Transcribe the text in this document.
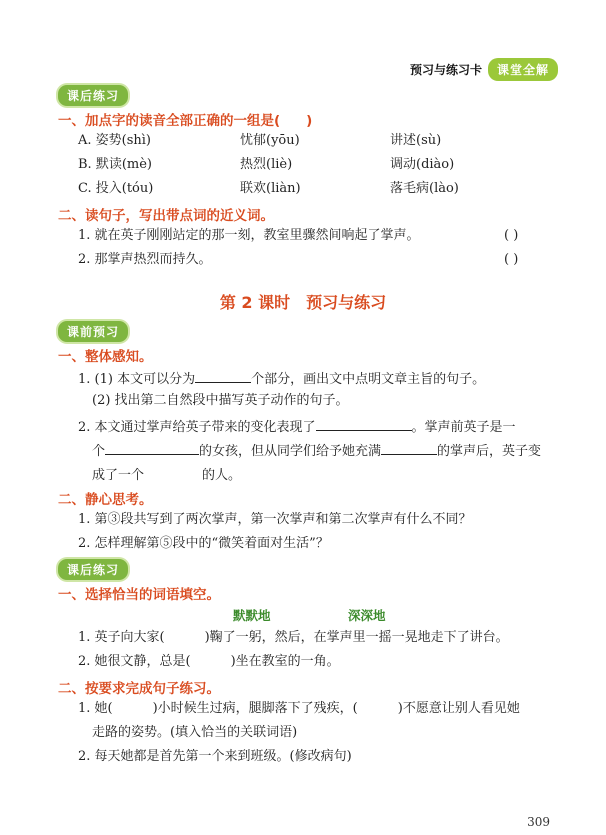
预习与练习卡	课堂全解
课后练习
一、加点字的读音全部正确的一组是( )
A. 姿势(shì)	忧郁(yōu)	讲述(sù)
B. 默读(mè)	热烈(liè)	调动(diào)
C. 投入(tóu)	联欢(liàn)	落毛病(lào)
二、读句子，写出带点词的近义词。
1. 就在英子刚刚站定的那一刻，教室里骤然间响起了掌声。	( )
2. 那掌声热烈而持久。	( )
第 2 课时　预习与练习
课前预习
一、整体感知。
1. (1) 本文可以分为	个部分，画出文中点明文章主旨的句子。
(2) 找出第二自然段中描写英子动作的句子。
2. 本文通过掌声给英子带来的变化表现了	。掌声前英子是一
个	的女孩，但从同学们给予她充满	的掌声后，英子变
成了一个	的人。
二、静心思考。
1. 第③段共写到了两次掌声，第一次掌声和第二次掌声有什么不同？
2. 怎样理解第⑤段中的“微笑着面对生活”？
课后练习
一、选择恰当的词语填空。
默默地	深深地
1. 英子向大家(	)鞠了一躬，然后，在掌声里一摇一晃地走下了讲台。
2. 她很文静，总是(	)坐在教室的一角。
二、按要求完成句子练习。
1. 她(	)小时候生过病，腿脚落下了残疾，(	)不愿意让别人看见她
走路的姿势。(填入恰当的关联词语)
2. 每天她都是首先第一个来到班级。(修改病句)
309
